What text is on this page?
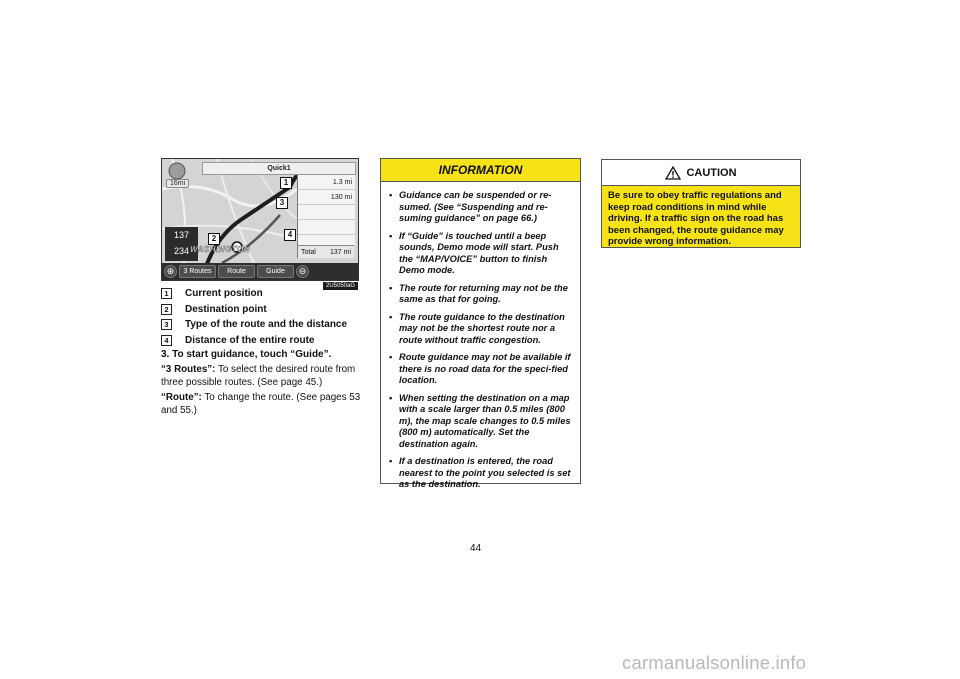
Quick1
16mi	1.3 mi
130 mi
Total 137 mi
137
234 WASHINGTON
1
2
3
4
⊕	3 Routes	Route	Guide	⊖
2U5050aG
1	Current position
2	Destination point
3	Type of the route and the distance
4	Distance of the entire route
3. To start guidance, touch “Guide”.
“3 Routes”: To select the desired route from three possible routes. (See page 45.)
“Route”: To change the route. (See pages 53 and 55.)
INFORMATION
• Guidance can be suspended or re-sumed. (See “Suspending and re-suming guidance” on page 66.)
• If “Guide” is touched until a beep sounds, Demo mode will start. Push the “MAP/VOICE” button to finish Demo mode.
• The route for returning may not be the same as that for going.
• The route guidance to the destination may not be the shortest route nor a route without traffic congestion.
• Route guidance may not be available if there is no road data for the speci-fied location.
• When setting the destination on a map with a scale larger than 0.5 miles (800 m), the map scale changes to 0.5 miles (800 m) automatically. Set the destination again.
• If a destination is entered, the road nearest to the point you selected is set as the destination.
CAUTION
Be sure to obey traffic regulations and keep road conditions in mind while driving. If a traffic sign on the road has been changed, the route guidance may provide wrong information.
44
carmanualsonline.info
